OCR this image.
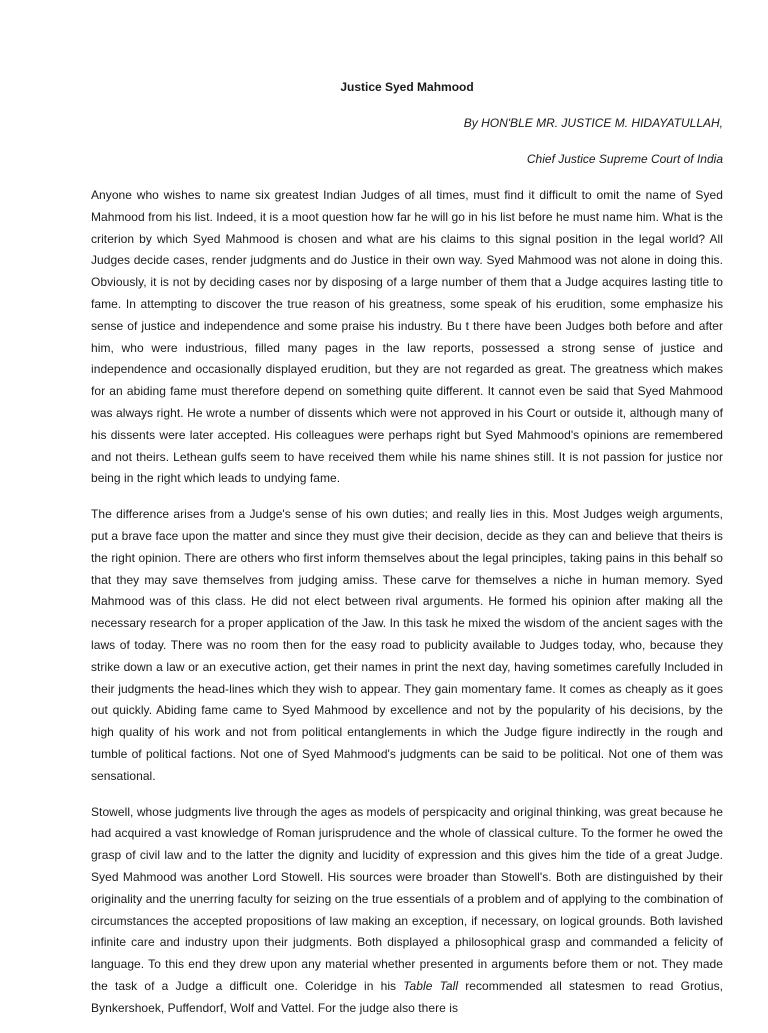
Justice Syed Mahmood

By HON'BLE MR. JUSTICE M. HIDAYATULLAH,

Chief Justice Supreme Court of India

Anyone who wishes to name six greatest Indian Judges of all times, must find it difficult to omit the name of Syed Mahmood from his list. Indeed, it is a moot question how far he will go in his list before he must name him. What is the criterion by which Syed Mahmood is chosen and what are his claims to this signal position in the legal world? All Judges decide cases, render judgments and do Justice in their own way. Syed Mahmood was not alone in doing this. Obviously, it is not by deciding cases nor by disposing of a large number of them that a Judge acquires lasting title to fame. In attempting to discover the true reason of his greatness, some speak of his erudition, some emphasize his sense of justice and independence and some praise his industry. Bu t there have been Judges both before and after him, who were industrious, filled many pages in the law reports, possessed a strong sense of justice and independence and occasionally displayed erudition, but they are not regarded as great. The greatness which makes for an abiding fame must therefore depend on something quite different. It cannot even be said that Syed Mahmood was always right. He wrote a number of dissents which were not approved in his Court or outside it, although many of his dissents were later accepted. His colleagues were perhaps right but Syed Mahmood's opinions are remembered and not theirs. Lethean gulfs seem to have received them while his name shines still. It is not passion for justice nor being in the right which leads to undying fame.

The difference arises from a Judge's sense of his own duties; and really lies in this. Most Judges weigh arguments, put a brave face upon the matter and since they must give their decision, decide as they can and believe that theirs is the right opinion. There are others who first inform themselves about the legal principles, taking pains in this behalf so that they may save themselves from judging amiss. These carve for themselves a niche in human memory. Syed Mahmood was of this class. He did not elect between rival arguments. He formed his opinion after making all the necessary research for a proper application of the Jaw. In this task he mixed the wisdom of the ancient sages with the laws of today. There was no room then for the easy road to publicity available to Judges today, who, because they strike down a law or an executive action, get their names in print the next day, having sometimes carefully Included in their judgments the head-lines which they wish to appear. They gain momentary fame. It comes as cheaply as it goes out quickly. Abiding fame came to Syed Mahmood by excellence and not by the popularity of his decisions, by the high quality of his work and not from political entanglements in which the Judge figure indirectly in the rough and tumble of political factions. Not one of Syed Mahmood's judgments can be said to be political. Not one of them was sensational.

Stowell, whose judgments live through the ages as models of perspicacity and original thinking, was great because he had acquired a vast knowledge of Roman jurisprudence and the whole of classical culture. To the former he owed the grasp of civil law and to the latter the dignity and lucidity of expression and this gives him the tide of a great Judge. Syed Mahmood was another Lord Stowell. His sources were broader than Stowell's. Both are distinguished by their originality and the unerring faculty for seizing on the true essentials of a problem and of applying to the combination of circumstances the accepted propositions of law making an exception, if necessary, on logical grounds. Both lavished infinite care and industry upon their judgments. Both displayed a philosophical grasp and commanded a felicity of language. To this end they drew upon any material whether presented in arguments before them or not. They made the task of a Judge a difficult one. Coleridge in his Table Tall recommended all statesmen to read Grotius, Bynkershoek, Puffendorf, Wolf and Vattel. For the judge also there is
